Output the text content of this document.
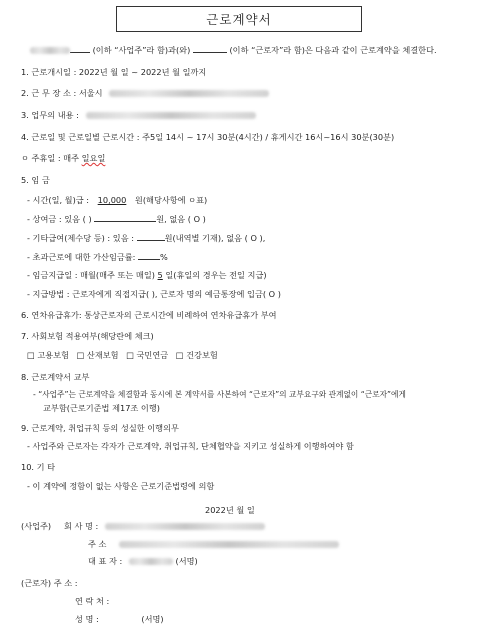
근로계약서
(이하 “사업주”라 함)과(와)	(이하 “근로자”라 함)은 다음과 같이 근로계약을 체결한다.
1. 근로개시일 : 2022년 월 일 ~ 2022년 월 일까지
2. 근 무 장 소 : 서울시
3. 업무의 내용 :
4. 근로일 및 근로일별 근로시간 : 주5일 14시 ~ 17시 30분(4시간) / 휴게시간 16시~16시 30분(30분)
ㅇ 주휴일 : 매주 일요일
5. 임 금
- 시간(일, 월)급 : 10,000 원(해당사항에 ㅇ표)
- 상여금 : 있음 ( )	원, 없음 ( O )
- 기타급여(제수당 등) : 있음 :	원(내역별 기재), 없음 ( O ),
- 초과근로에 대한 가산임금률:	%
- 임금지급일 : 매월(매주 또는 매일) 5 일(휴일의 경우는 전일 지급)
- 지급방법 : 근로자에게 직접지급( ), 근로자 명의 예금통장에 입금( O )
6. 연차유급휴가: 통상근로자의 근로시간에 비례하여 연차유급휴가 부여
7. 사회보험 적용여부(해당란에 체크)
□ 고용보험 □ 산재보험 □ 국민연금 □ 건강보험
8. 근로계약서 교부
- “사업주”는 근로계약을 체결함과 동시에 본 계약서를 사본하여 “근로자”의 교부요구와 관계없이 “근로자”에게
교부함(근로기준법 제17조 이행)
9. 근로계약, 취업규칙 등의 성실한 이행의무
- 사업주와 근로자는 각자가 근로계약, 취업규칙, 단체협약을 지키고 성실하게 이행하여야 함
10. 기 타
- 이 계약에 정함이 없는 사항은 근로기준법령에 의함
2022년 월 일
(사업주) 회 사 명 :
주 소
대 표 자 :	(서명)
(근로자) 주 소 :
연 락 처 :
성 명 :	(서명)
